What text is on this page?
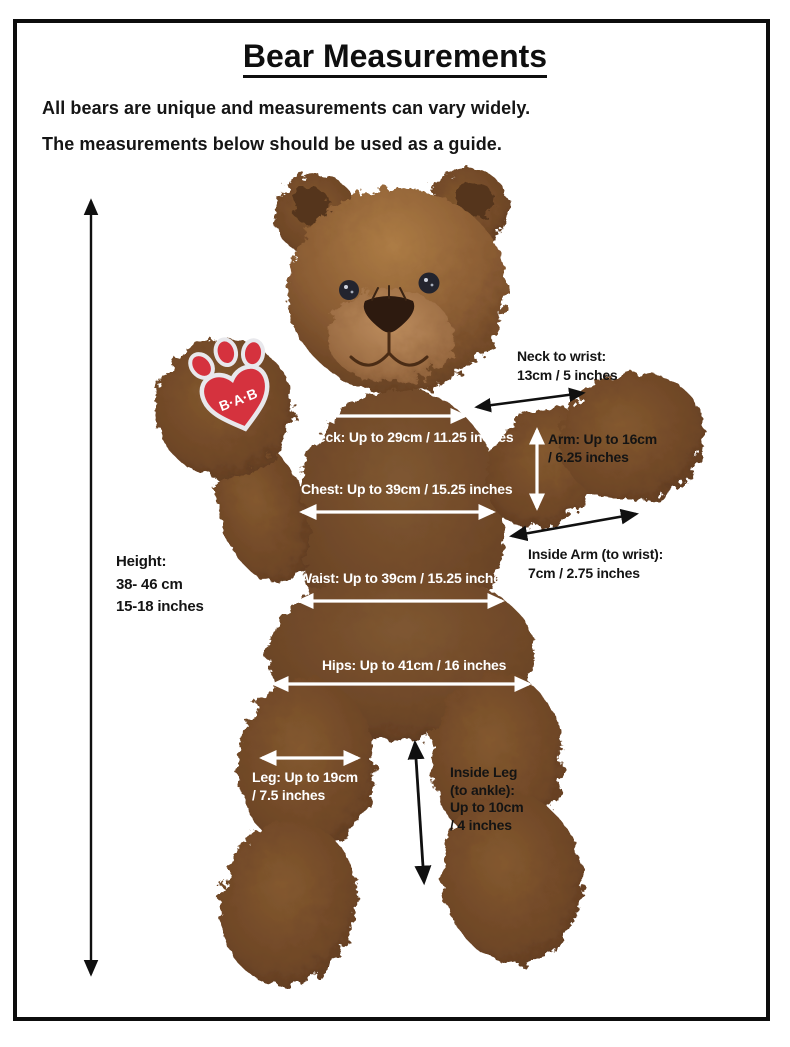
Bear Measurements
All bears are unique and measurements can vary widely.
The measurements below should be used as a guide.
B·A·B
Height:
38- 46 cm
15-18 inches
Neck to wrist:
13cm / 5 inches
Neck: Up to 29cm / 11.25 inches Arm: Up to 16cm
/ 6.25 inches
Chest: Up to 39cm / 15.25 inches
Inside Arm (to wrist):
7cm / 2.75 inches
Waist: Up to 39cm / 15.25 inches
Hips: Up to 41cm / 16 inches
Leg: Up to 19cm
/ 7.5 inches
Inside Leg
(to ankle):
Up to 10cm
/ 4 inches
